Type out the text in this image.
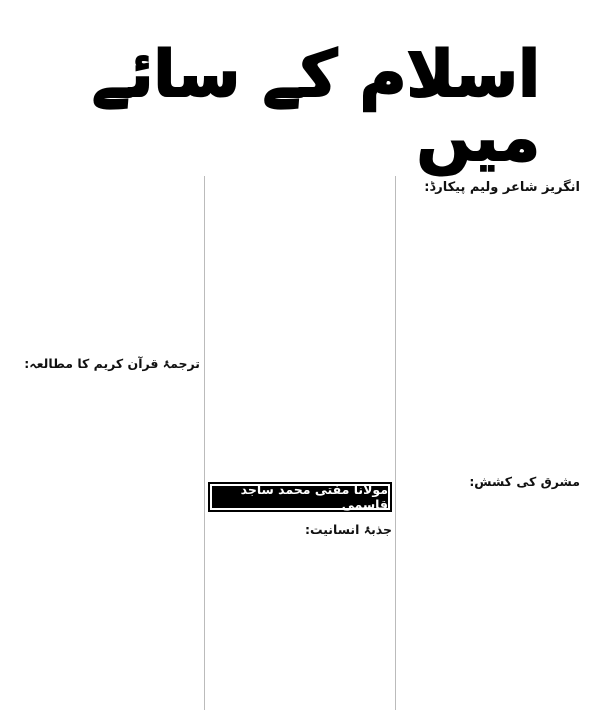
اسلام کے سائے میں

انگریز شاعر ولیم پیکارڈ:

مشرق کی کشش:

مولانا مفتی محمد ساجد قاسمی

جذبۂ انسانیت:

ترجمۂ قرآن کریم کا مطالعہ:
